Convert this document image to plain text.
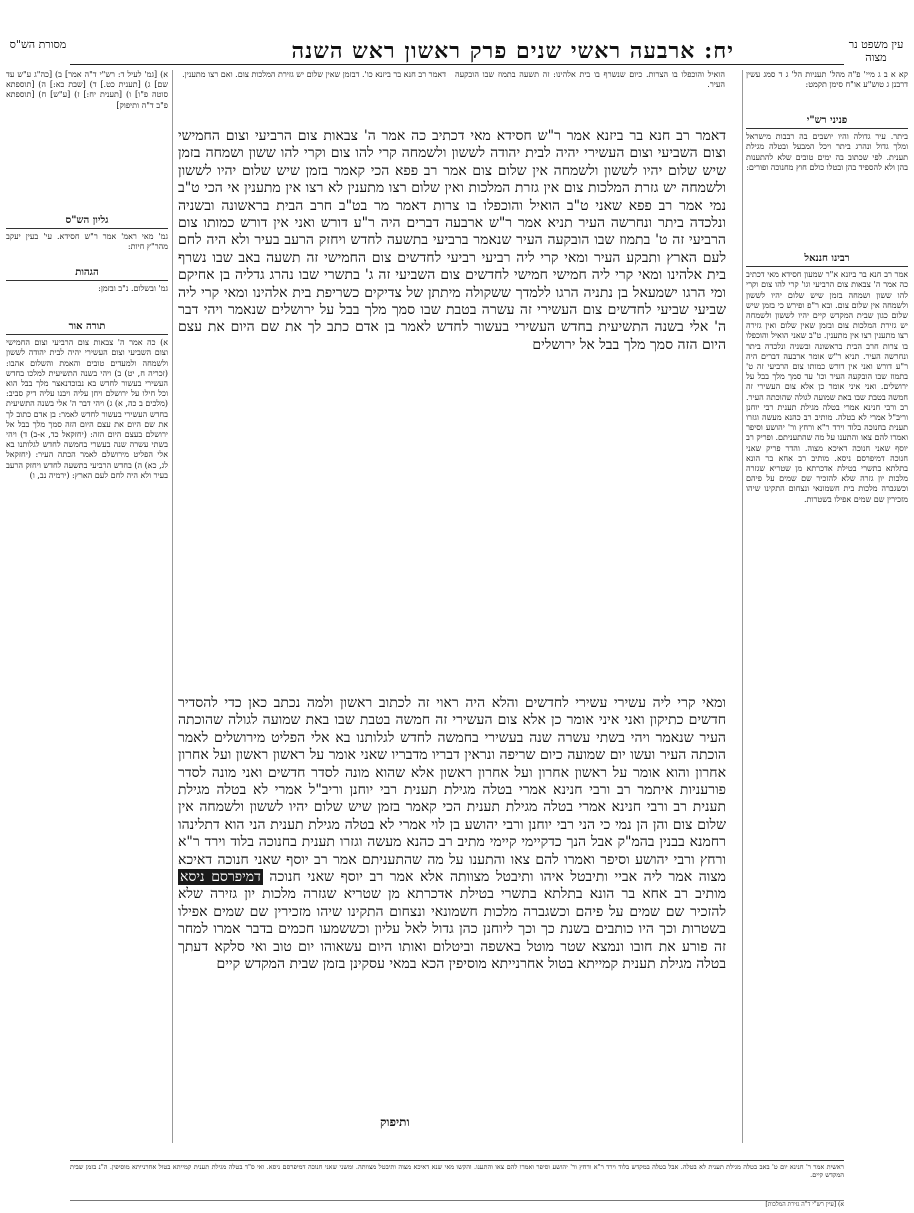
עין משפט נר מצוה
יח: ארבעה ראשי שנים פרק ראשון ראש השנה
מסורת הש"ס

קא א ב ג מיי' פ"ה מהל' תעניות הל' ג ד סמג עשין דרבנן ג טוש"ע או"ח סימן תקמט:

פניני רש"י

ביתר. עיר גדולה והיו יושבים בה רבבות מישראל ומלך גדול ונהרג ביתר ויכל המבעל ובטלה מגילת תענית. לפי שכתוב בה ימים טובים שלא להתענות בהן ולא להספיד בהן ובטלו כולם חוץ מחנוכה ופורים:

רבינו חננאל

אמר רב חנא בר ביזנא א"ר שמעון חסידא מאי דכתיב כה אמר ה' צבאות צום הרביעי וגו' קרי להו צום וקרי להו ששון ושמחה בזמן שיש שלום יהיו לששון ולשמחה אין שלום צום. ובא ר"פ ופירש כי בזמן שיש שלום כגון שבית המקדש קיים יהיו לששון ולשמחה יש גזירת המלכות צום ובזמן שאין שלום ואין גזירה רצו מתענין רצו אין מתענין. ט"ב שאני הואיל והוכפלו בו צרות חרב הבית בראשונה ובשניה ונלכדה ביתר ונחרשה העיר. תניא ר"ש אומר ארבעה דברים היה ר"ע דורש ואני אין דורש כמותו צום הרביעי זה ט' בתמוז שבו הובקעה העיר וכו' עד סמך מלך בבל על ירושלים. ואני איני אומר כן אלא צום העשירי זה חמשה בטבת שבו באת שמועה לגולה שהוכתה העיר. רב ורבי חנינא אמרי בטלה מגילת תענית רבי יוחנן וריב"ל אמרי לא בטלה. מותיב רב כהנא מעשה וגזרו תענית בחנוכה בלוד וירד ר"א ורחץ ור' יהושע וסיפר ואמרו להם צאו והתענו על מה שהתעניתם. ופריק רב יוסף שאני חנוכה דאיכא מצוה. והדר פריק שאני חנוכה דמיפרסם ניסא. מותיב רב אחא בר הונא בתלתא בתשרי בטילת אדכרתא מן שטריא שגזרה מלכות יון גזרה שלא להזכיר שם שמים על פיהם וכשגברה מלכות בית חשמונאי ונצחום התקינו שיהו מזכירין שם שמים אפילו בשטרות.

א) [גמ' לעיל ד: רש"י ד"ה אמר] ב) [כה"ג ע"ש עד שם] ג) [תענית כט.] ד) [שבת כא:] ה) [תוספתא סוטה פ"ו] ו) [תענית יח:] ז) [ע"ש] ח) [תוספתא פ"ב ד"ה ותיפוק]

גליון הש"ס

גמ' מאי ראמ' אמר ר"ש חסידא. עי' בעין יעקב מהר"ץ חיות:

הגהות

גמ' ובשלום. נ"ב ובזמן:

תורה אור

א) כה אמר ה' צבאות צום הרביעי וצום החמישי וצום השביעי וצום העשירי יהיה לבית יהודה לששון ולשמחה ולמעדים טובים והאמת והשלום אהבו: (זכריה ח, יט) ב) ויהי בשנה התשיעית למלכו בחדש העשירי בעשור לחדש בא נבוכדנאצר מלך בבל הוא וכל חילו על ירושלם ויחן עליה ויבנו עליה דיק סביב: (מלכים ב כה, א) ג) ויהי דבר ה' אלי בשנה התשיעית בחדש העשירי בעשור לחדש לאמר: בן אדם כתוב לך את שם היום את עצם היום הזה סמך מלך בבל אל ירושלם בעצם היום הזה: (יחזקאל כד, א-ב) ד) ויהי בשתי עשרה שנה בעשרי בחמשה לחדש לגלותנו בא אלי הפליט מירושלם לאמר הכתה העיר: (יחזקאל לג, כא) ה) בחדש הרביעי בתשעה לחדש ויחזק הרעב בעיר ולא היה לחם לעם הארץ: (ירמיה נב, ו)

הואיל והוכפלו בו הצרות. כיום שנשרף בו בית אלהינו: זה תשעה בתמוז שבו הובקעה העיר.

דאמר רב חנא בר ביזנא כו'. דבזמן שאין שלום יש גזירת המלכות צום. ואם רצו מתענין.

דאמר רב חנא בר ביזנא אמר ר"ש חסידא מאי דכתיב כה אמר ה' צבאות צום הרביעי וצום החמישי וצום השביעי וצום העשירי יהיה לבית יהודה לששון ולשמחה קרי להו צום וקרי להו ששון ושמחה בזמן שיש שלום יהיו לששון ולשמחה אין שלום צום אמר רב פפא הכי קאמר בזמן שיש שלום יהיו לששון ולשמחה יש גזרת המלכות צום אין גזרת המלכות ואין שלום רצו מתענין לא רצו אין מתענין אי הכי ט"ב נמי אמר רב פפא שאני ט"ב הואיל והוכפלו בו צרות דאמר מר בט"ב חרב הבית בראשונה ובשניה ונלכדה ביתר ונחרשה העיר תניא אמר ר"ש ארבעה דברים היה ר"ע דורש ואני אין דורש כמותו צום הרביעי זה ט' בתמוז שבו הובקעה העיר שנאמר ברביעי בתשעה לחדש ויחזק הרעב בעיר ולא היה לחם לעם הארץ ותבקע העיר ומאי קרי ליה רביעי רביעי לחדשים צום החמישי זה תשעה באב שבו נשרף בית אלהינו ומאי קרי ליה חמישי חמישי לחדשים צום השביעי זה ג' בתשרי שבו נהרג גדליה בן אחיקם ומי הרגו ישמעאל בן נתניה הרגו ללמדך ששקולה מיתתן של צדיקים כשריפת בית אלהינו ומאי קרי ליה שביעי שביעי לחדשים צום העשירי זה עשרה בטבת שבו סמך מלך בבל על ירושלים שנאמר ויהי דבר ה' אלי בשנה התשיעית בחדש העשירי בעשור לחדש לאמר בן אדם כתב לך את שם היום את עצם היום הזה סמך מלך בבל אל ירושלים
ומאי קרי ליה עשירי עשירי לחדשים והלא היה ראוי זה לכתוב ראשון ולמה נכתב כאן כדי להסדיר חדשים כתיקון ואני איני אומר כן אלא צום העשירי זה חמשה בטבת שבו באת שמועה לגולה שהוכתה העיר שנאמר ויהי בשתי עשרה שנה בעשירי בחמשה לחדש לגלותנו בא אלי הפליט מירושלים לאמר הוכתה העיר ועשו יום שמועה כיום שריפה ונראין דבריו מדבריו שאני אומר על ראשון ראשון ועל אחרון אחרון והוא אומר על ראשון אחרון ועל אחרון ראשון אלא שהוא מונה לסדר חדשים ואני מונה לסדר פורעניות איתמר רב ורבי חנינא אמרי בטלה מגילת תענית רבי יוחנן וריב"ל אמרי לא בטלה מגילת תענית רב ורבי חנינא אמרי בטלה מגילת תענית הכי קאמר בזמן שיש שלום יהיו לששון ולשמחה אין שלום צום והן הן נמי כי הני רבי יוחנן ורבי יהושע בן לוי אמרי לא בטלה מגילת תענית הני הוא דתלינהו רחמנא בבנין בהמ"ק אבל הנך כדקיימי קיימי מתיב רב כהנא מעשה וגזרו תענית בחנוכה בלוד וירד ר"א ורחץ ורבי יהושע וסיפר ואמרו להם צאו והתענו על מה שהתעניתם אמר רב יוסף שאני חנוכה דאיכא מצוה אמר ליה אביי ותיבטל איהו ותיבטל מצוותה אלא אמר רב יוסף שאני חנוכה דמיפרסם ניסא מותיב רב אחא בר הונא בתלתא בתשרי בטילת אדכרתא מן שטריא שגזרה מלכות יון גזירה שלא להזכיר שם שמים על פיהם וכשגברה מלכות חשמונאי ונצחום התקינו שיהו מזכירין שם שמים אפילו בשטרות וכך היו כותבים בשנת כך וכך ליוחנן כהן גדול לאל עליון וכששמעו חכמים בדבר אמרו למחר זה פורע את חובו ונמצא שטר מוטל באשפה וביטלום ואותו היום עשאוהו יום טוב ואי סלקא דעתך בטלה מגילת תענית קמייתא בטול אחרנייתא מוסיפין הכא במאי עסקינן בזמן שבית המקדש קיים
ותיפוק
ראשית אמר ר' חנינא יום ט' באב בטלה מגילת תענית לא בטלה. אבל בטלה במקדש בלוד וירד ר"א ורחץ ור' יהושע וסיפר ואמרו להם צאו והתענו. והקשו מאי שנא דאיכא מצוה ותיבטל מצוותה. ומשני שאני חנוכה דמיפרסם ניסא. ואי ס"ד בטלה מגילת תענית קמייתא בטול אחרנייתא מוסיפין. ה"נ בזמן שבית המקדש קיים.
א) [עיין רש"י ד"ה גזירת המלכות]
